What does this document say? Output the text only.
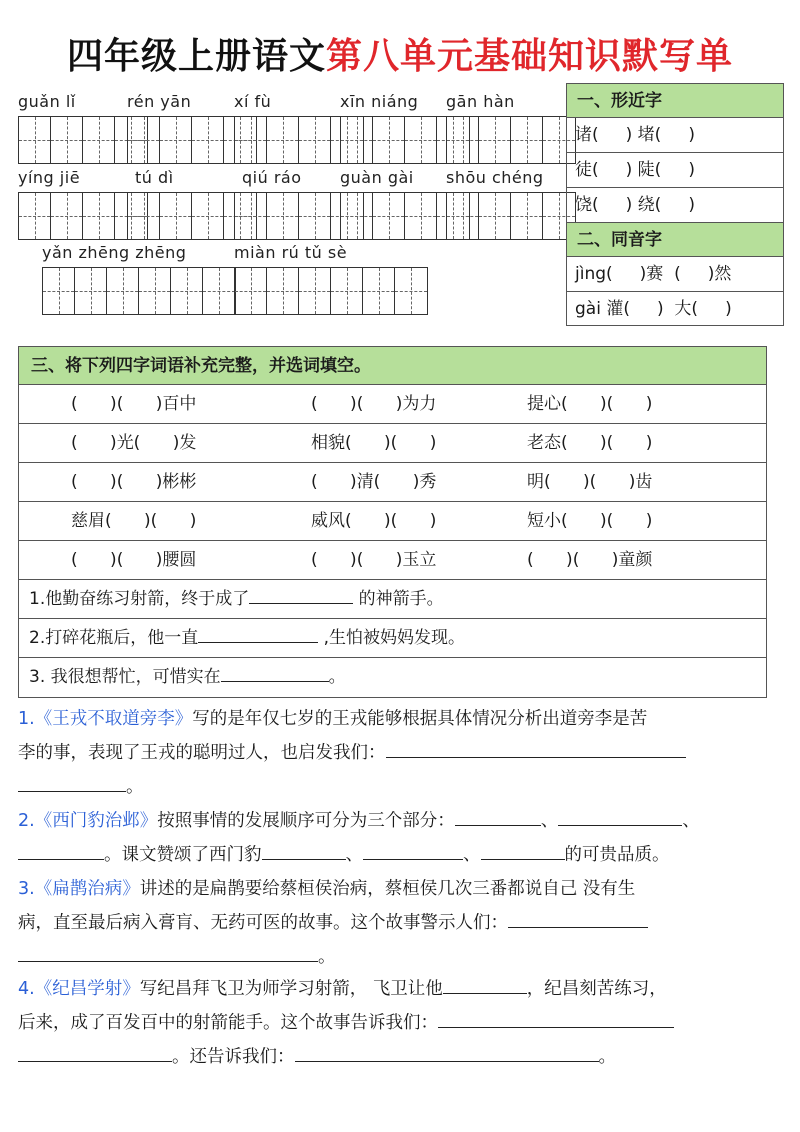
四年级上册语文第八单元基础知识默写单
guǎn lǐ	rén yān	xí fù	xīn niáng	gān hàn
yíng jiē	tú dì	qiú ráo	guàn gài	shōu chéng
yǎn zhēng zhēng	miàn rú tǔ sè
一、形近字
诸(     ) 堵(     )
徒(     ) 陡(     )
饶(     ) 绕(     )
二、同音字
jìng(     )赛  (     )然
gài 灌(     )  大(     )
三、将下列四字词语补充完整，并选词填空。
(      )(      )百中	(      )(      )为力	提心(      )(      )
(      )光(      )发	相貌(      )(      )	老态(      )(      )
(      )(      )彬彬	(      )清(      )秀	明(      )(      )齿
慈眉(      )(      )	威风(      )(      )	短小(      )(      )
(      )(      )腰圆	(      )(      )玉立	(      )(      )童颜
1.他勤奋练习射箭，终于成了	的神箭手。
2.打碎花瓶后，他一直	,生怕被妈妈发现。
3. 我很想帮忙，可惜实在	。

1.《王戎不取道旁李》写的是年仅七岁的王戎能够根据具体情况分析出道旁李是苦

李的事，表现了王戎的聪明过人，也启发我们：

。

2.《西门豹治邺》按照事情的发展顺序可分为三个部分：	、	、

。课文赞颂了西门豹	、	、	的可贵品质。

3.《扁鹊治病》讲述的是扁鹊要给蔡桓侯治病，蔡桓侯几次三番都说自己 没有生

病，直至最后病入膏肓、无药可医的故事。这个故事警示人们：

。

4.《纪昌学射》写纪昌拜飞卫为师学习射箭， 飞卫让他	，纪昌刻苦练习，

后来，成了百发百中的射箭能手。这个故事告诉我们：

。还告诉我们：	。
